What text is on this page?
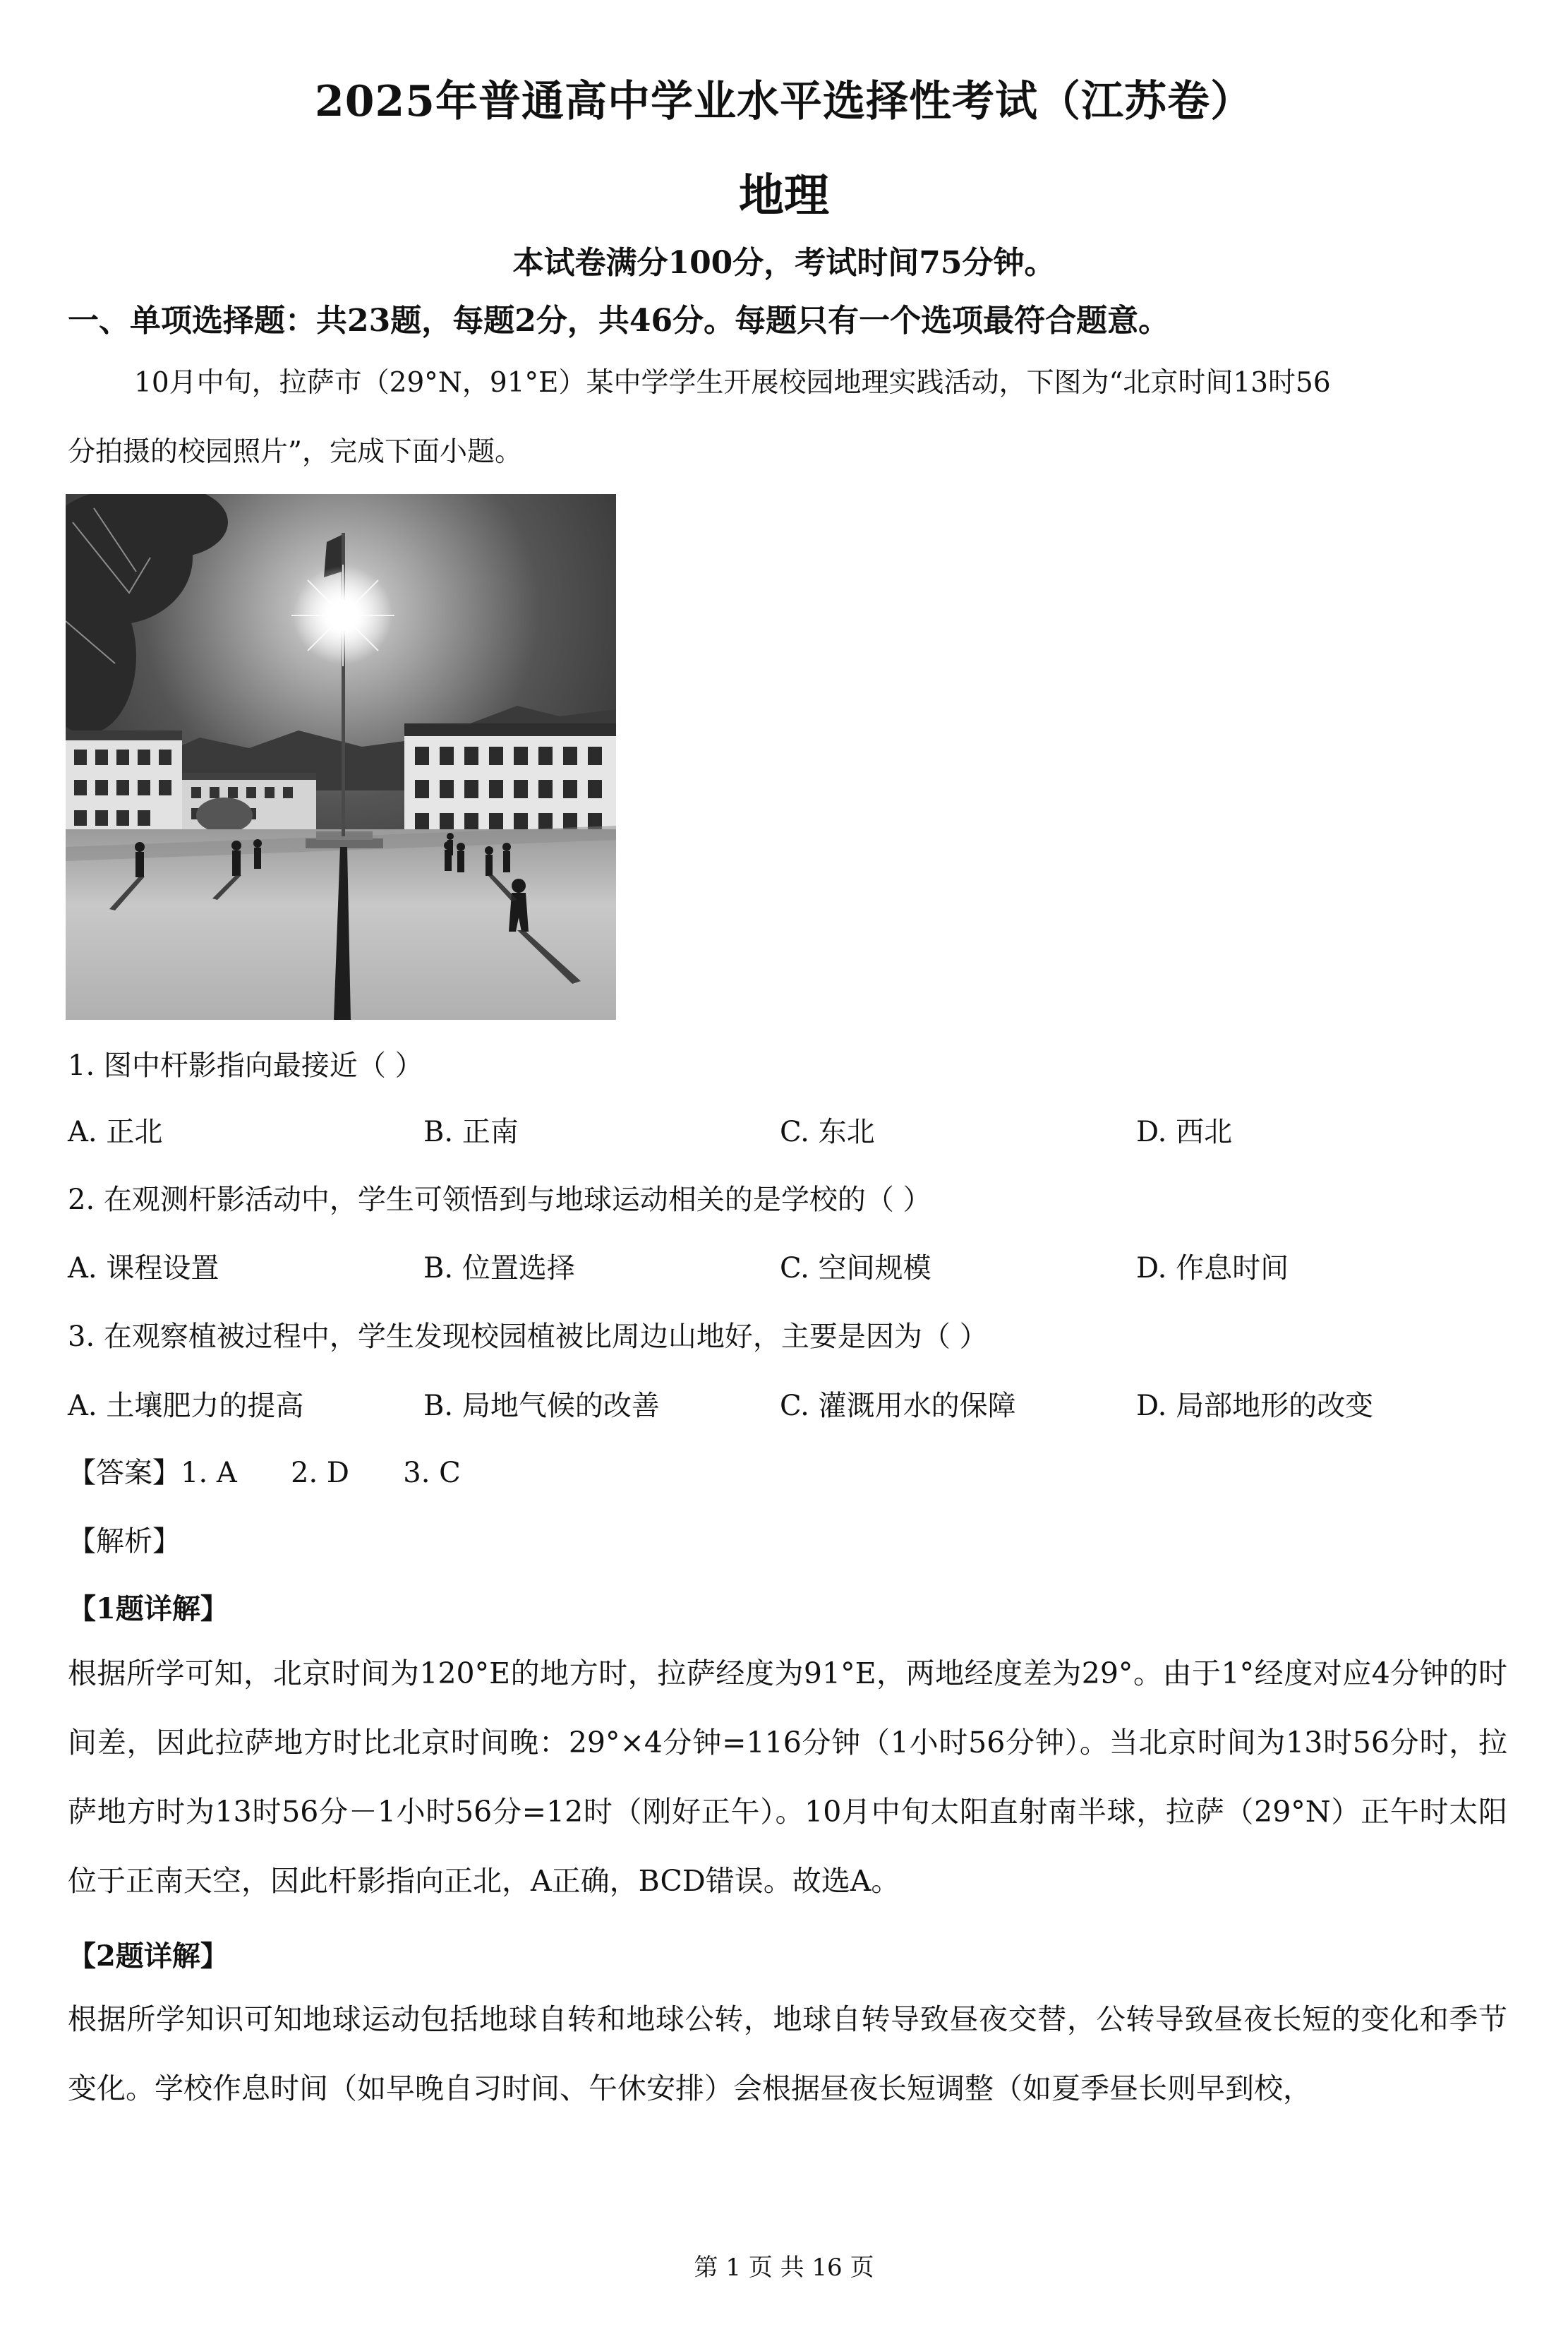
2025年普通高中学业水平选择性考试（江苏卷）
地理
本试卷满分100分，考试时间75分钟。
一、单项选择题：共23题，每题2分，共46分。每题只有一个选项最符合题意。
10月中旬，拉萨市（29°N，91°E）某中学学生开展校园地理实践活动，下图为“北京时间13时56
分拍摄的校园照片”，完成下面小题。
1. 图中杆影指向最接近（ ）
A. 正北	B. 正南	C. 东北	D. 西北
2. 在观测杆影活动中，学生可领悟到与地球运动相关的是学校的（ ）
A. 课程设置	B. 位置选择	C. 空间规模	D. 作息时间
3. 在观察植被过程中，学生发现校园植被比周边山地好，主要是因为（ ）
A. 土壤肥力的提高	B. 局地气候的改善	C. 灌溉用水的保障	D. 局部地形的改变
【答案】1. A      2. D      3. C
【解析】
【1题详解】
根据所学可知，北京时间为120°E的地方时，拉萨经度为91°E，两地经度差为29°。由于1°经度对应4分钟的时间差，因此拉萨地方时比北京时间晚：29°×4分钟=116分钟（1小时56分钟）。当北京时间为13时56分时，拉萨地方时为13时56分－1小时56分=12时（刚好正午）。10月中旬太阳直射南半球，拉萨（29°N）正午时太阳位于正南天空，因此杆影指向正北，A正确，BCD错误。故选A。
【2题详解】
根据所学知识可知地球运动包括地球自转和地球公转，地球自转导致昼夜交替，公转导致昼夜长短的变化和季节变化。学校作息时间（如早晚自习时间、午休安排）会根据昼夜长短调整（如夏季昼长则早到校，
第 1 页 共 16 页
